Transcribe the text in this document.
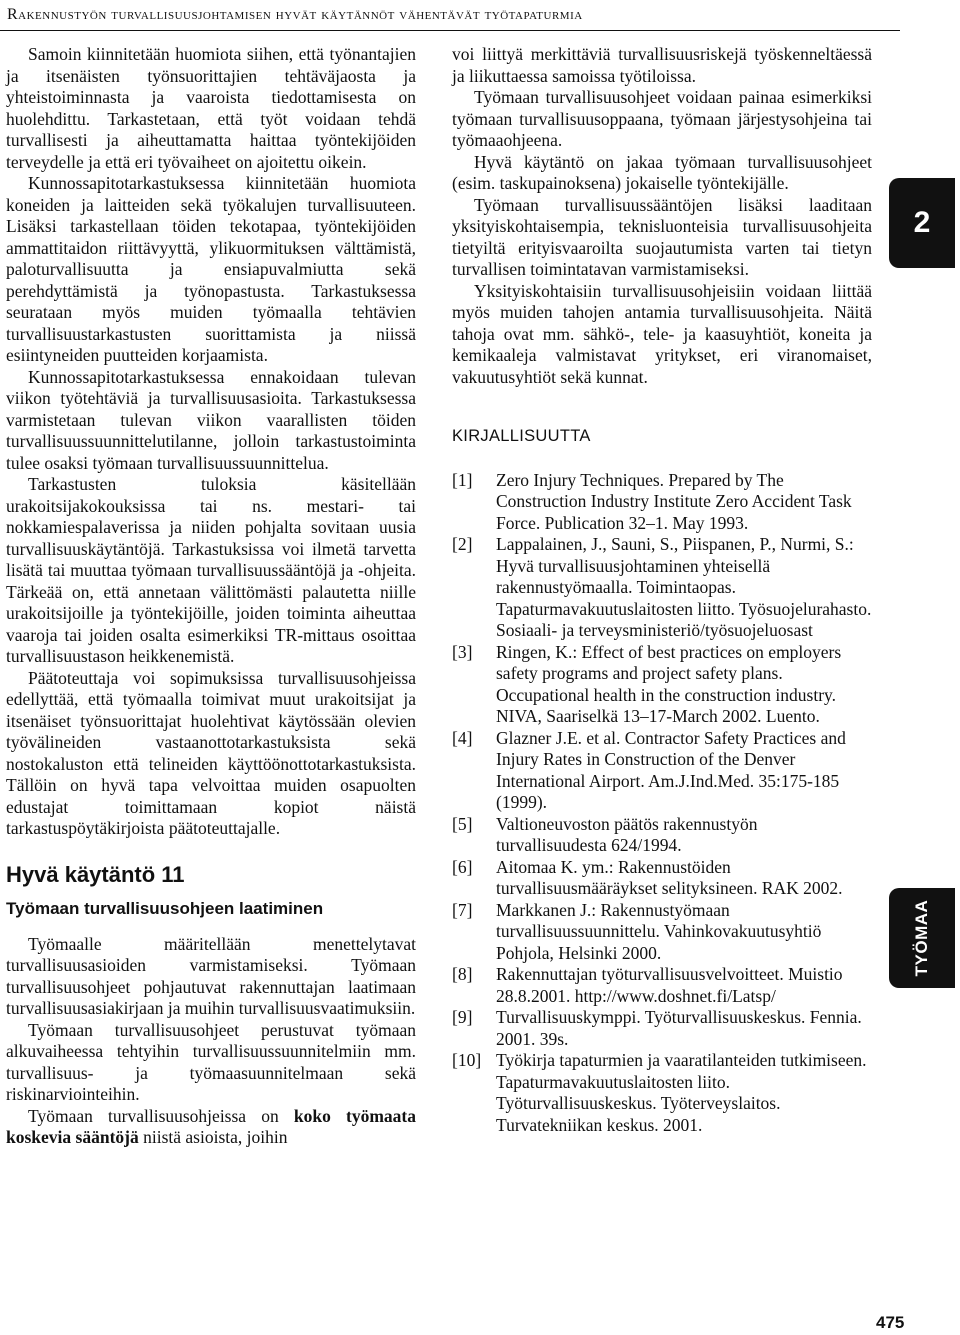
Rakennustyön turvallisuusjohtamisen hyvät käytännöt vähentävät työtapaturmia

Samoin kiinnitetään huomiota siihen, että työnantajien ja itsenäisten työnsuorittajien tehtäväjaosta ja yhteistoiminnasta ja vaaroista tiedottamisesta on huolehdittu. Tarkastetaan, että työt voidaan tehdä turvallisesti ja aiheuttamatta haittaa työntekijöiden terveydelle ja että eri työvaiheet on ajoitettu oikein.

Kunnossapitotarkastuksessa kiinnitetään huomiota koneiden ja laitteiden sekä työkalujen turvallisuuteen. Lisäksi tarkastellaan töiden tekotapaa, työntekijöiden ammattitaidon riittävyyttä, ylikuormituksen välttämistä, paloturvallisuutta ja ensiapuvalmiutta sekä perehdyttämistä ja työnopastusta. Tarkastuksessa seurataan myös muiden työmaalla tehtävien turvallisuustarkastusten suorittamista ja niissä esiintyneiden puutteiden korjaamista.

Kunnossapitotarkastuksessa ennakoidaan tulevan viikon työtehtäviä ja turvallisuusasioita. Tarkastuksessa varmistetaan tulevan viikon vaarallisten töiden turvallisuussuunnittelutilanne, jolloin tarkastustoiminta tulee osaksi työmaan turvallisuussuunnittelua.

Tarkastusten tuloksia käsitellään urakoitsijakokouksissa tai ns. mestari- tai nokkamiespalaverissa ja niiden pohjalta sovitaan uusia turvallisuuskäytäntöjä. Tarkastuksissa voi ilmetä tarvetta lisätä tai muuttaa työmaan turvallisuussääntöjä ja -ohjeita. Tärkeää on, että annetaan välittömästi palautetta niille urakoitsijoille ja työntekijöille, joiden toiminta aiheuttaa vaaroja tai joiden osalta esimerkiksi TR-mittaus osoittaa turvallisuustason heikkenemistä.

Päätoteuttaja voi sopimuksissa turvallisuusohjeissa edellyttää, että työmaalla toimivat muut urakoitsijat ja itsenäiset työnsuorittajat huolehtivat käytössään olevien työvälineiden vastaanottotarkastuksista sekä nostokaluston että telineiden käyttöönottotarkastuksista. Tällöin on hyvä tapa velvoittaa muiden osapuolten edustajat toimittamaan kopiot näistä tarkastuspöytäkirjoista päätoteuttajalle.

Hyvä käytäntö 11
Työmaan turvallisuusohjeen laatiminen

Työmaalle määritellään menettelytavat turvallisuusasioiden varmistamiseksi. Työmaan turvallisuusohjeet pohjautuvat rakennuttajan laatimaan turvallisuusasiakirjaan ja muihin turvallisuusvaatimuksiin.

Työmaan turvallisuusohjeet perustuvat työmaan alkuvaiheessa tehtyihin turvallisuussuunnitelmiin mm. turvallisuus- ja työmaasuunnitelmaan sekä riskinarviointeihin.

Työmaan turvallisuusohjeissa on koko työmaata koskevia sääntöjä niistä asioista, joihin

voi liittyä merkittäviä turvallisuusriskejä työskenneltäessä ja liikuttaessa samoissa työtiloissa.

Työmaan turvallisuusohjeet voidaan painaa esimerkiksi työmaan turvallisuusoppaana, työmaan järjestysohjeina tai työmaaohjeena.

Hyvä käytäntö on jakaa työmaan turvallisuusohjeet (esim. taskupainoksena) jokaiselle työntekijälle.

Työmaan turvallisuussääntöjen lisäksi laaditaan yksityiskohtaisempia, teknisluonteisia turvallisuusohjeita tietyiltä erityisvaaroilta suojautumista varten tai tietyn turvallisen toimintatavan varmistamiseksi.

Yksityiskohtaisiin turvallisuusohjeisiin voidaan liittää myös muiden tahojen antamia turvallisuusohjeita. Näitä tahoja ovat mm. sähkö-, tele- ja kaasuyhtiöt, koneita ja kemikaaleja valmistavat yritykset, eri viranomaiset, vakuutusyhtiöt sekä kunnat.

KIRJALLISUUTTA
[1]	Zero Injury Techniques. Prepared by The Construction Industry Institute Zero Accident Task Force. Publication 32–1. May 1993.
[2]	Lappalainen, J., Sauni, S., Piispanen, P., Nurmi, S.: Hyvä turvallisuusjohtaminen yhteisellä rakennustyömaalla. Toimintaopas. Tapaturmavakuutuslaitosten liitto. Työsuojelurahasto. Sosiaali- ja terveysministeriö/työsuojeluosast
[3]	Ringen, K.: Effect of best practices on employers safety programs and project safety plans. Occupational health in the construction industry. NIVA, Saariselkä 13–17-March 2002. Luento.
[4]	Glazner J.E. et al. Contractor Safety Practices and Injury Rates in Construction of the Denver International Airport. Am.J.Ind.Med. 35:175-185 (1999).
[5]	Valtioneuvoston päätös rakennustyön turvallisuudesta 624/1994.
[6]	Aitomaa K. ym.: Rakennustöiden turvallisuusmääräykset selityksineen. RAK 2002.
[7]	Markkanen J.: Rakennustyömaan turvallisuussuunnittelu. Vahinkovakuutusyhtiö Pohjola, Helsinki 2000.
[8]	Rakennuttajan työturvallisuusvelvoitteet. Muistio 28.8.2001. http://www.doshnet.fi/Latsp/
[9]	Turvallisuuskymppi. Työturvallisuuskeskus. Fennia. 2001. 39s.
[10] Työkirja tapaturmien ja vaaratilanteiden tutkimiseen. Tapaturmavakuutuslaitosten liito. Työturvallisuuskeskus. Työterveyslaitos. Turvatekniikan keskus. 2001.
2
TYÖMAA
475
